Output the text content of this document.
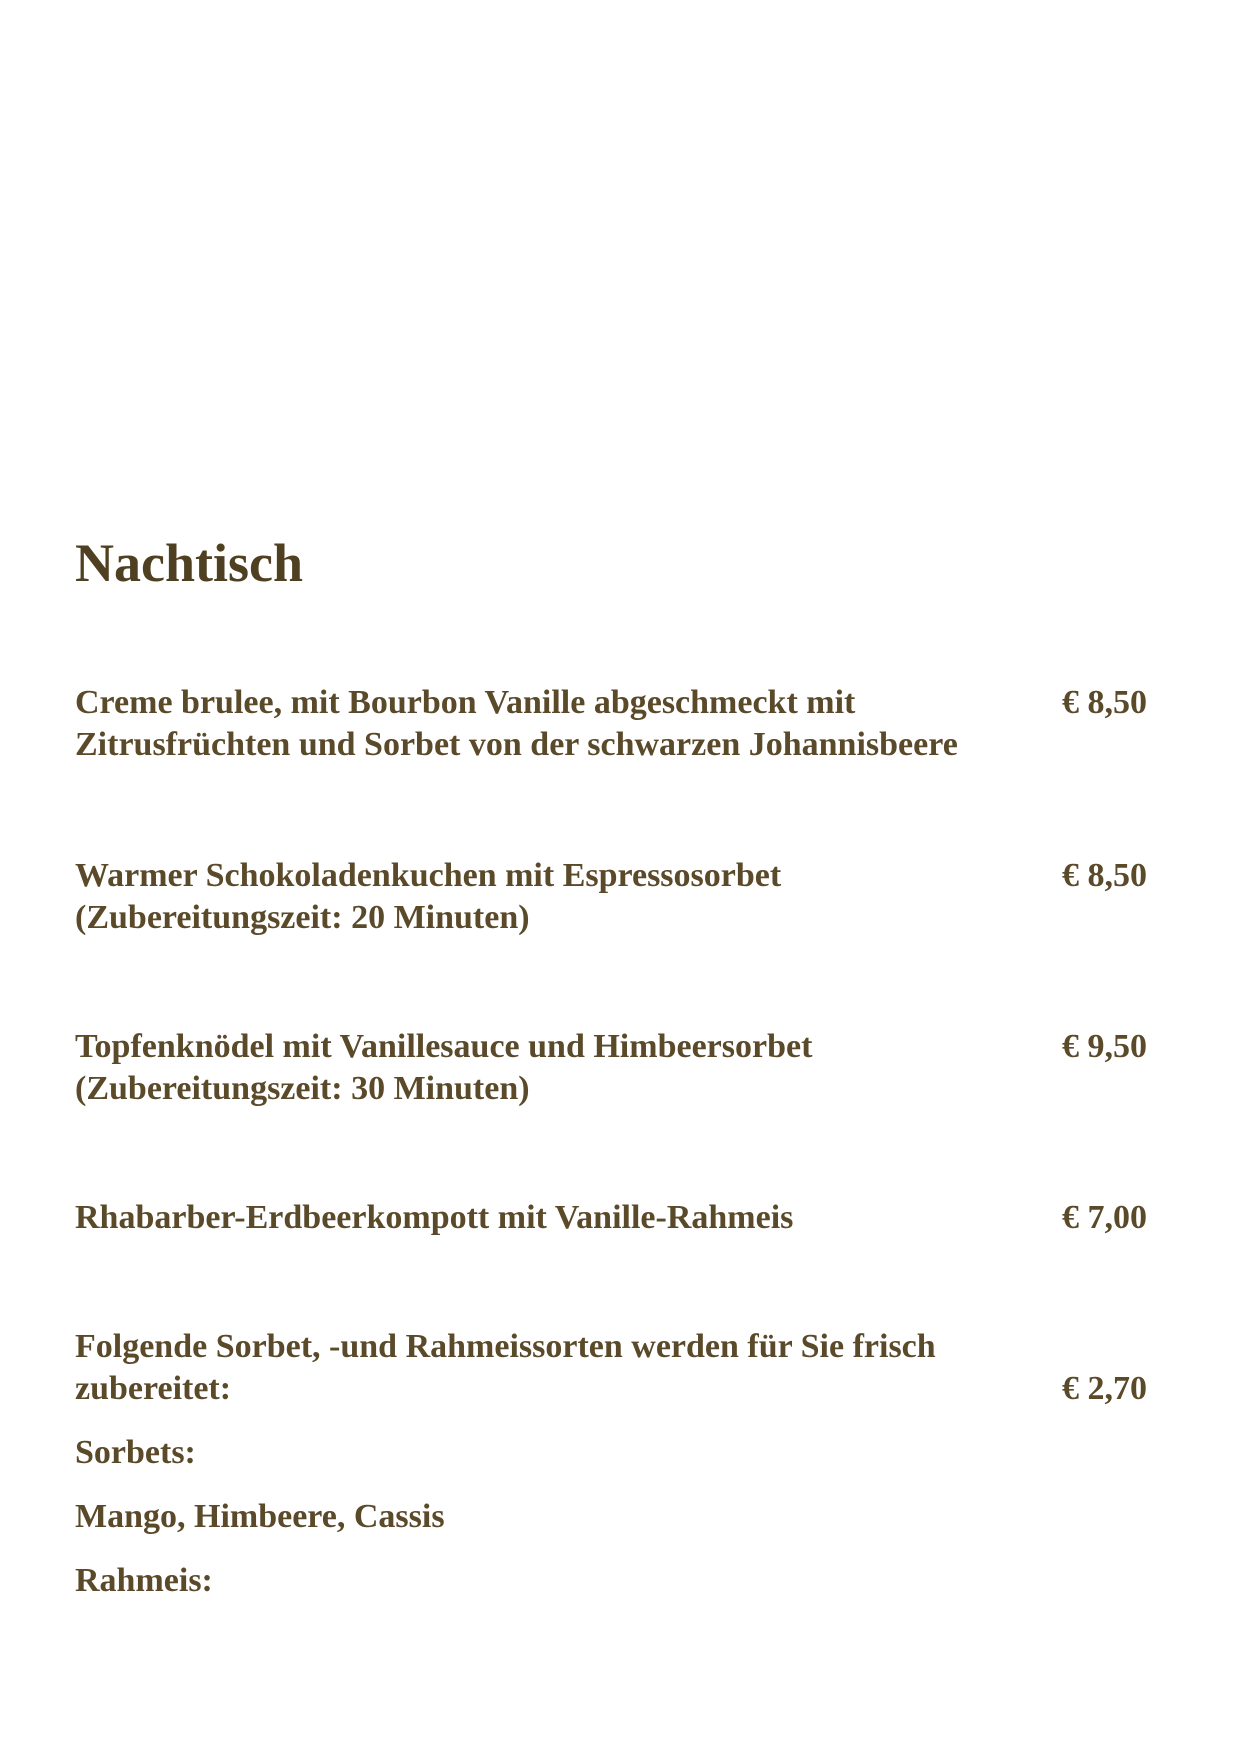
Nachtisch
Creme brulee, mit Bourbon Vanille abgeschmeckt mit	€ 8,50
Zitrusfrüchten und Sorbet von der schwarzen Johannisbeere
Warmer Schokoladenkuchen mit Espressosorbet	€ 8,50
(Zubereitungszeit: 20 Minuten)
Topfenknödel mit Vanillesauce und Himbeersorbet	€ 9,50
(Zubereitungszeit: 30 Minuten)
Rhabarber-Erdbeerkompott mit Vanille-Rahmeis	€ 7,00
Folgende Sorbet, -und Rahmeissorten werden für Sie frisch
zubereitet:	€ 2,70
Sorbets:
Mango, Himbeere, Cassis
Rahmeis:
